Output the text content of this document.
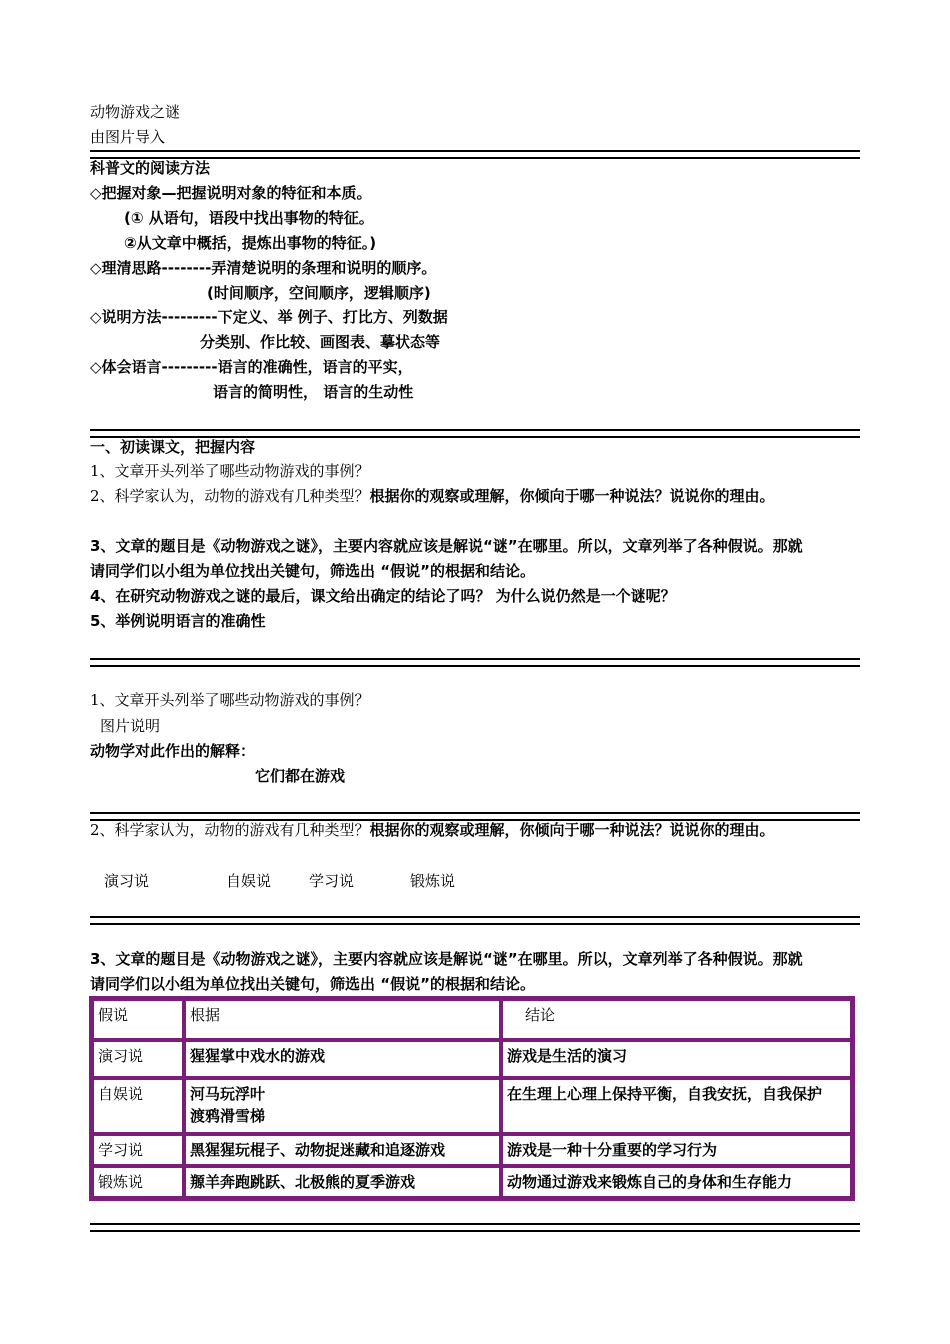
动物游戏之谜
由图片导入
科普文的阅读方法
◇把握对象—把握说明对象的特征和本质。
(① 从语句，语段中找出事物的特征。
②从文章中概括，提炼出事物的特征。)
◇理清思路--------弄清楚说明的条理和说明的顺序。
(时间顺序，空间顺序，逻辑顺序)
◇说明方法---------下定义、举 例子、打比方、列数据
分类别、作比较、画图表、摹状态等
◇体会语言---------语言的准确性，语言的平实，
语言的简明性， 语言的生动性
一、初读课文，把握内容
1、文章开头列举了哪些动物游戏的事例？
2、科学家认为，动物的游戏有几种类型？根据你的观察或理解，你倾向于哪一种说法？说说你的理由。
3、文章的题目是《动物游戏之谜》，主要内容就应该是解说“谜”在哪里。所以，文章列举了各种假说。那就
请同学们以小组为单位找出关键句，筛选出 “假说”的根据和结论。
4、在研究动物游戏之谜的最后，课文给出确定的结论了吗？ 为什么说仍然是一个谜呢？
5、举例说明语言的准确性
1、文章开头列举了哪些动物游戏的事例？
图片说明
动物学对此作出的解释：
它们都在游戏
2、科学家认为，动物的游戏有几种类型？根据你的观察或理解，你倾向于哪一种说法？说说你的理由。
演习说	自娱说	学习说	锻炼说
3、文章的题目是《动物游戏之谜》，主要内容就应该是解说“谜”在哪里。所以，文章列举了各种假说。那就
请同学们以小组为单位找出关键句，筛选出 “假说”的根据和结论。
假说	根据	结论
演习说	猩猩掌中戏水的游戏	游戏是生活的演习
自娱说	河马玩浮叶
渡鸦滑雪梯	在生理上心理上保持平衡，自我安抚，自我保护
学习说	黑猩猩玩棍子、动物捉迷藏和追逐游戏	游戏是一种十分重要的学习行为
锻炼说	羱羊奔跑跳跃、北极熊的夏季游戏	动物通过游戏来锻炼自己的身体和生存能力
